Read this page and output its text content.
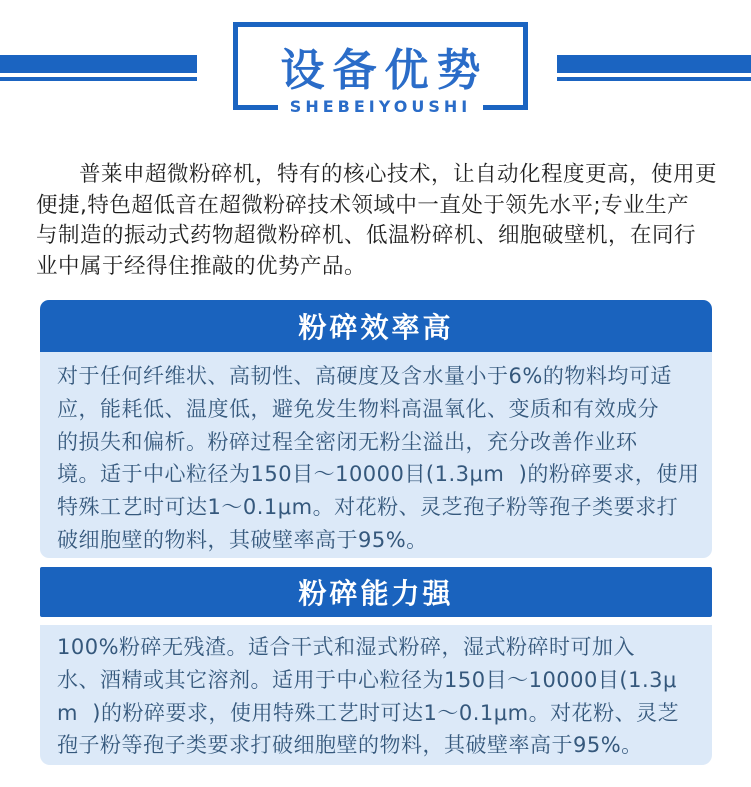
设备优势
SHEBEIYOUSHI
普莱申超微粉碎机，特有的核心技术，让自动化程度更高，使用更
便捷,特色超低音在超微粉碎技术领域中一直处于领先水平;专业生产
与制造的振动式药物超微粉碎机、低温粉碎机、细胞破壁机，在同行
业中属于经得住推敲的优势产品。
粉碎效率高
对于任何纤维状、高韧性、高硬度及含水量小于6%的物料均可适
应，能耗低、温度低，避免发生物料高温氧化、变质和有效成分
的损失和偏析。粉碎过程全密闭无粉尘溢出，充分改善作业环
境。适于中心粒径为150目～10000目(1.3μm  )的粉碎要求，使用
特殊工艺时可达1～0.1μm。对花粉、灵芝孢子粉等孢子类要求打
破细胞壁的物料，其破壁率高于95%。
粉碎能力强
100%粉碎无残渣。适合干式和湿式粉碎，湿式粉碎时可加入
水、酒精或其它溶剂。适用于中心粒径为150目～10000目(1.3μ
m  )的粉碎要求，使用特殊工艺时可达1～0.1μm。对花粉、灵芝
孢子粉等孢子类要求打破细胞壁的物料，其破壁率高于95%。
